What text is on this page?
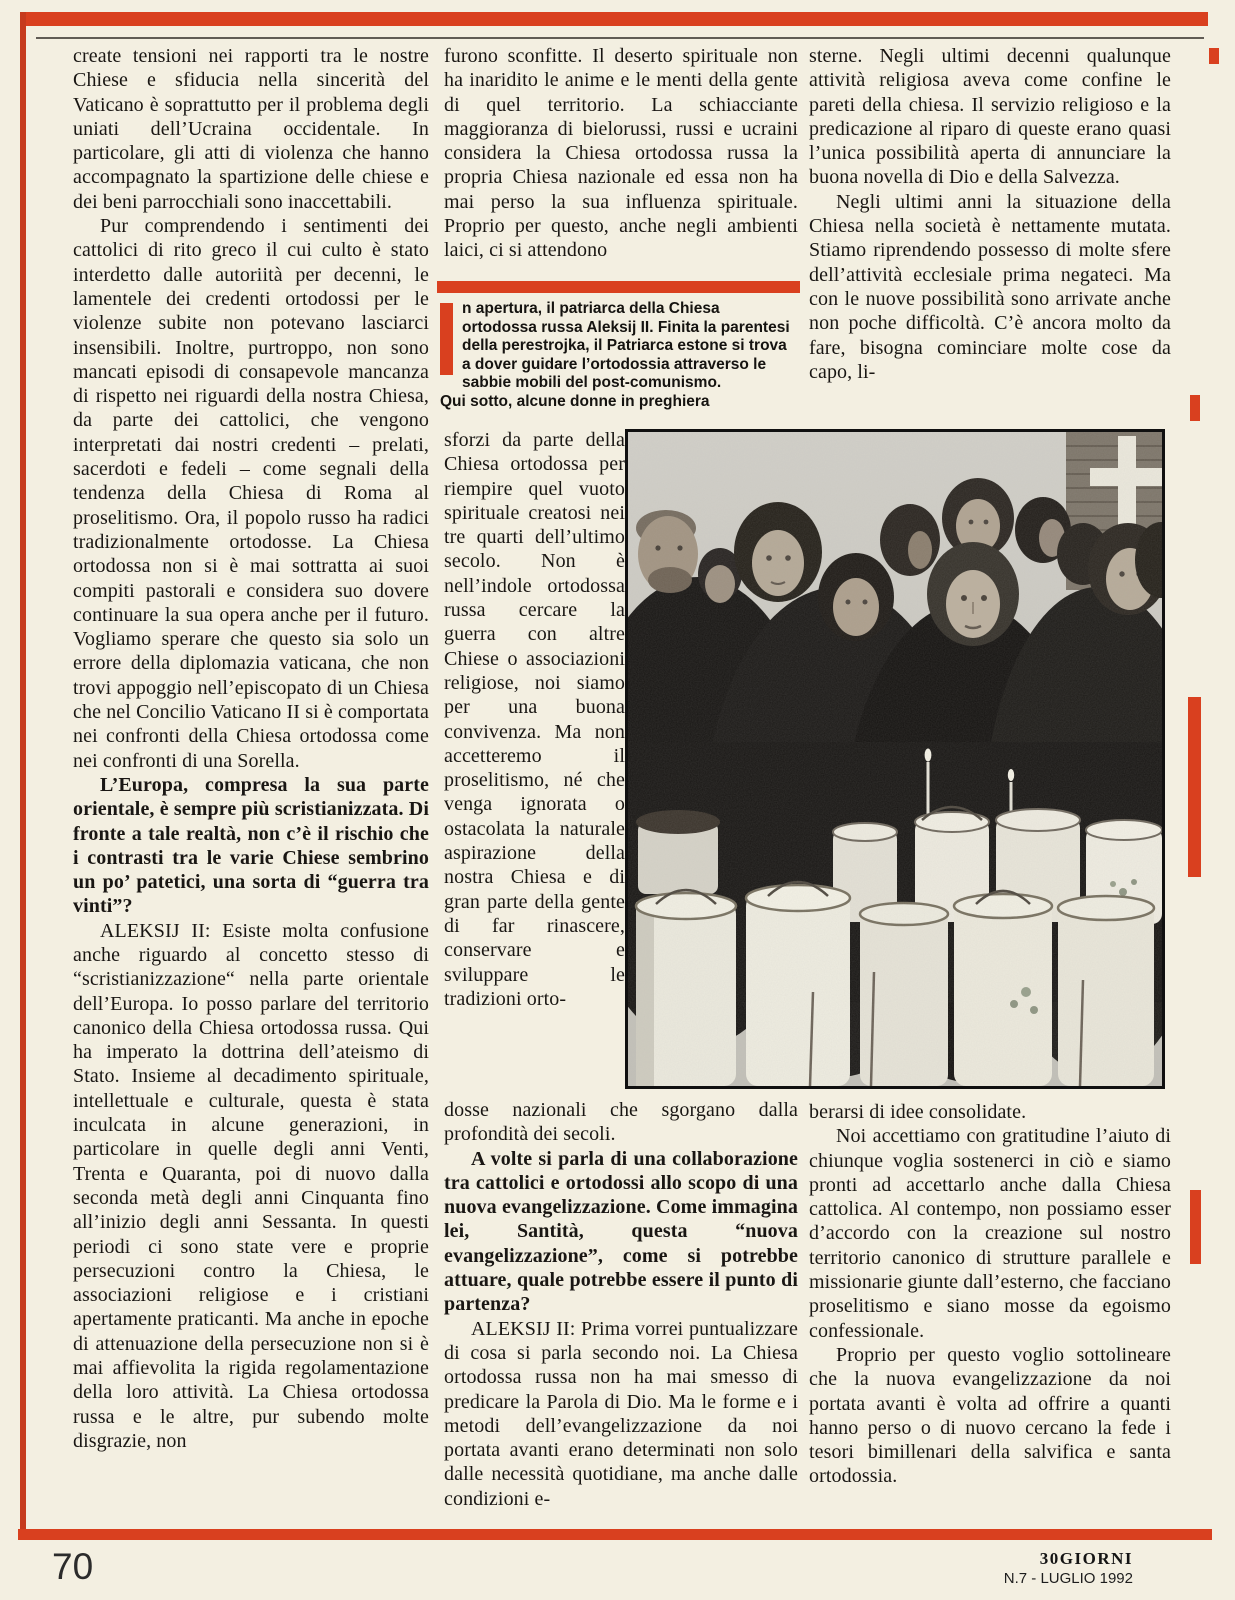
create tensioni nei rapporti tra le nostre Chiese e sfiducia nella sincerità del Vaticano è soprattutto per il problema degli uniati dell’Ucraina occidentale. In particolare, gli atti di violenza che hanno accompagnato la spartizione delle chiese e dei beni parrocchiali sono inaccettabili.

Pur comprendendo i sentimenti dei cattolici di rito greco il cui culto è stato interdetto dalle autoriità per decenni, le lamentele dei credenti ortodossi per le violenze subite non potevano lasciarci insensibili. Inoltre, purtroppo, non sono mancati episodi di consapevole mancanza di rispetto nei riguardi della nostra Chiesa, da parte dei cattolici, che vengono interpretati dai nostri credenti – prelati, sacerdoti e fedeli – come segnali della tendenza della Chiesa di Roma al proselitismo. Ora, il popolo russo ha radici tradizionalmente ortodosse. La Chiesa ortodossa non si è mai sottratta ai suoi compiti pastorali e considera suo dovere continuare la sua opera anche per il futuro. Vogliamo sperare che questo sia solo un errore della diplomazia vaticana, che non trovi appoggio nell’episcopato di un Chiesa che nel Concilio Vaticano II si è comportata nei confronti della Chiesa ortodossa come nei confronti di una Sorella.

L’Europa, compresa la sua parte orientale, è sempre più scristianizzata. Di fronte a tale realtà, non c’è il rischio che i contrasti tra le varie Chiese sembrino un po’ patetici, una sorta di “guerra tra vinti”?

ALEKSIJ II: Esiste molta confusione anche riguardo al concetto stesso di “scristianizzazione“ nella parte orientale dell’Europa. Io posso parlare del territorio canonico della Chiesa ortodossa russa. Qui ha imperato la dottrina dell’ateismo di Stato. Insieme al decadimento spirituale, intellettuale e culturale, questa è stata inculcata in alcune generazioni, in particolare in quelle degli anni Venti, Trenta e Quaranta, poi di nuovo dalla seconda metà degli anni Cinquanta fino all’inizio degli anni Sessanta. In questi periodi ci sono state vere e proprie persecuzioni contro la Chiesa, le associazioni religiose e i cristiani apertamente praticanti. Ma anche in epoche di attenuazione della persecuzione non si è mai affievolita la rigida regolamentazione della loro attività. La Chiesa ortodossa russa e le altre, pur subendo molte disgrazie, non

furono sconfitte. Il deserto spirituale non ha inaridito le anime e le menti della gente di quel territorio. La schiacciante maggioranza di bielorussi, russi e ucraini considera la Chiesa ortodossa russa la propria Chiesa nazionale ed essa non ha mai perso la sua influenza spirituale. Proprio per questo, anche negli ambienti laici, ci si attendono

n apertura, il patriarca della Chiesa ortodossa russa Aleksij II. Finita la parentesi della perestrojka, il Patriarca estone si trova a dover guidare l’ortodossia attraverso le sabbie mobili del post-comunismo.

Qui sotto, alcune donne in preghiera

sforzi da parte della Chiesa ortodossa per riempire quel vuoto spirituale creatosi nei tre quarti dell’ultimo secolo. Non è nell’indole ortodossa russa cercare la guerra con altre Chiese o associazioni religiose, noi siamo per una buona convivenza. Ma non accetteremo il proselitismo, né che venga ignorata o ostacolata la naturale aspirazione della nostra Chiesa e di gran parte della gente di far rinascere, conservare e sviluppare le tradizioni orto-

dosse nazionali che sgorgano dalla profondità dei secoli.

A volte si parla di una collaborazione tra cattolici e ortodossi allo scopo di una nuova evangelizzazione. Come immagina lei, Santità, questa “nuova evangelizzazione”, come si potrebbe attuare, quale potrebbe essere il punto di partenza?

ALEKSIJ II: Prima vorrei puntualizzare di cosa si parla secondo noi. La Chiesa ortodossa russa non ha mai smesso di predicare la Parola di Dio. Ma le forme e i metodi dell’evangelizzazione da noi portata avanti erano determinati non solo dalle necessità quotidiane, ma anche dalle condizioni e-

sterne. Negli ultimi decenni qualunque attività religiosa aveva come confine le pareti della chiesa. Il servizio religioso e la predicazione al riparo di queste erano quasi l’unica possibilità aperta di annunciare la buona novella di Dio e della Salvezza.

Negli ultimi anni la situazione della Chiesa nella società è nettamente mutata. Stiamo riprendendo possesso di molte sfere dell’attività ecclesiale prima negateci. Ma con le nuove possibilità sono arrivate anche non poche difficoltà. C’è ancora molto da fare, bisogna cominciare molte cose da capo, li-

berarsi di idee consolidate.

Noi accettiamo con gratitudine l’aiuto di chiunque voglia sostenerci in ciò e siamo pronti ad accettarlo anche dalla Chiesa cattolica. Al contempo, non possiamo esser d’accordo con la creazione sul nostro territorio canonico di strutture parallele e missionarie giunte dall’esterno, che facciano proselitismo e siano mosse da egoismo confessionale.

Proprio per questo voglio sottolineare che la nuova evangelizzazione da noi portata avanti è volta ad offrire a quanti hanno perso o di nuovo cercano la fede i tesori bimillenari della salvifica e santa ortodossia.

70	30GIORNI

N.7 - LUGLIO 1992
